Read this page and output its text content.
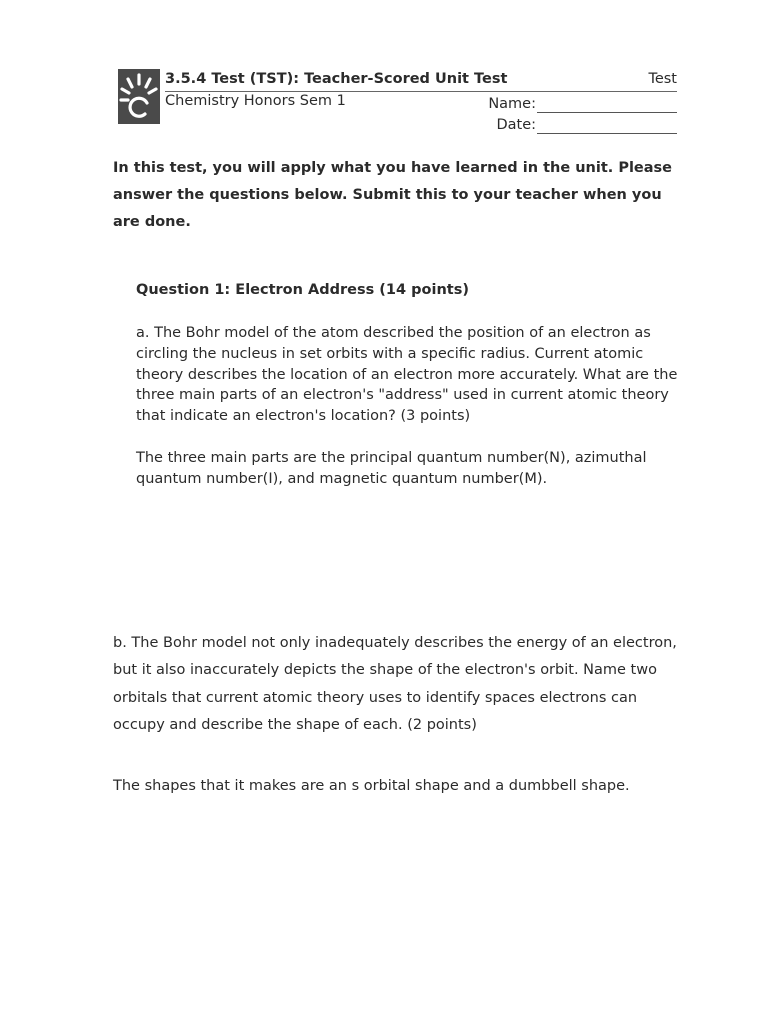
3.5.4 Test (TST): Teacher-Scored Unit Test	Test
Chemistry Honors Sem 1	Name:
Date:
In this test, you will apply what you have learned in the unit. Please answer the questions below. Submit this to your teacher when you are done.
Question 1: Electron Address (14 points)
a. The Bohr model of the atom described the position of an electron as circling the nucleus in set orbits with a specific radius. Current atomic theory describes the location of an electron more accurately. What are the three main parts of an electron's "address" used in current atomic theory that indicate an electron's location? (3 points)
The three main parts are the principal quantum number(N), azimuthal quantum number(I), and magnetic quantum number(M).
b. The Bohr model not only inadequately describes the energy of an electron, but it also inaccurately depicts the shape of the electron's orbit. Name two orbitals that current atomic theory uses to identify spaces electrons can occupy and describe the shape of each. (2 points)
The shapes that it makes are an s orbital shape and a dumbbell shape.
